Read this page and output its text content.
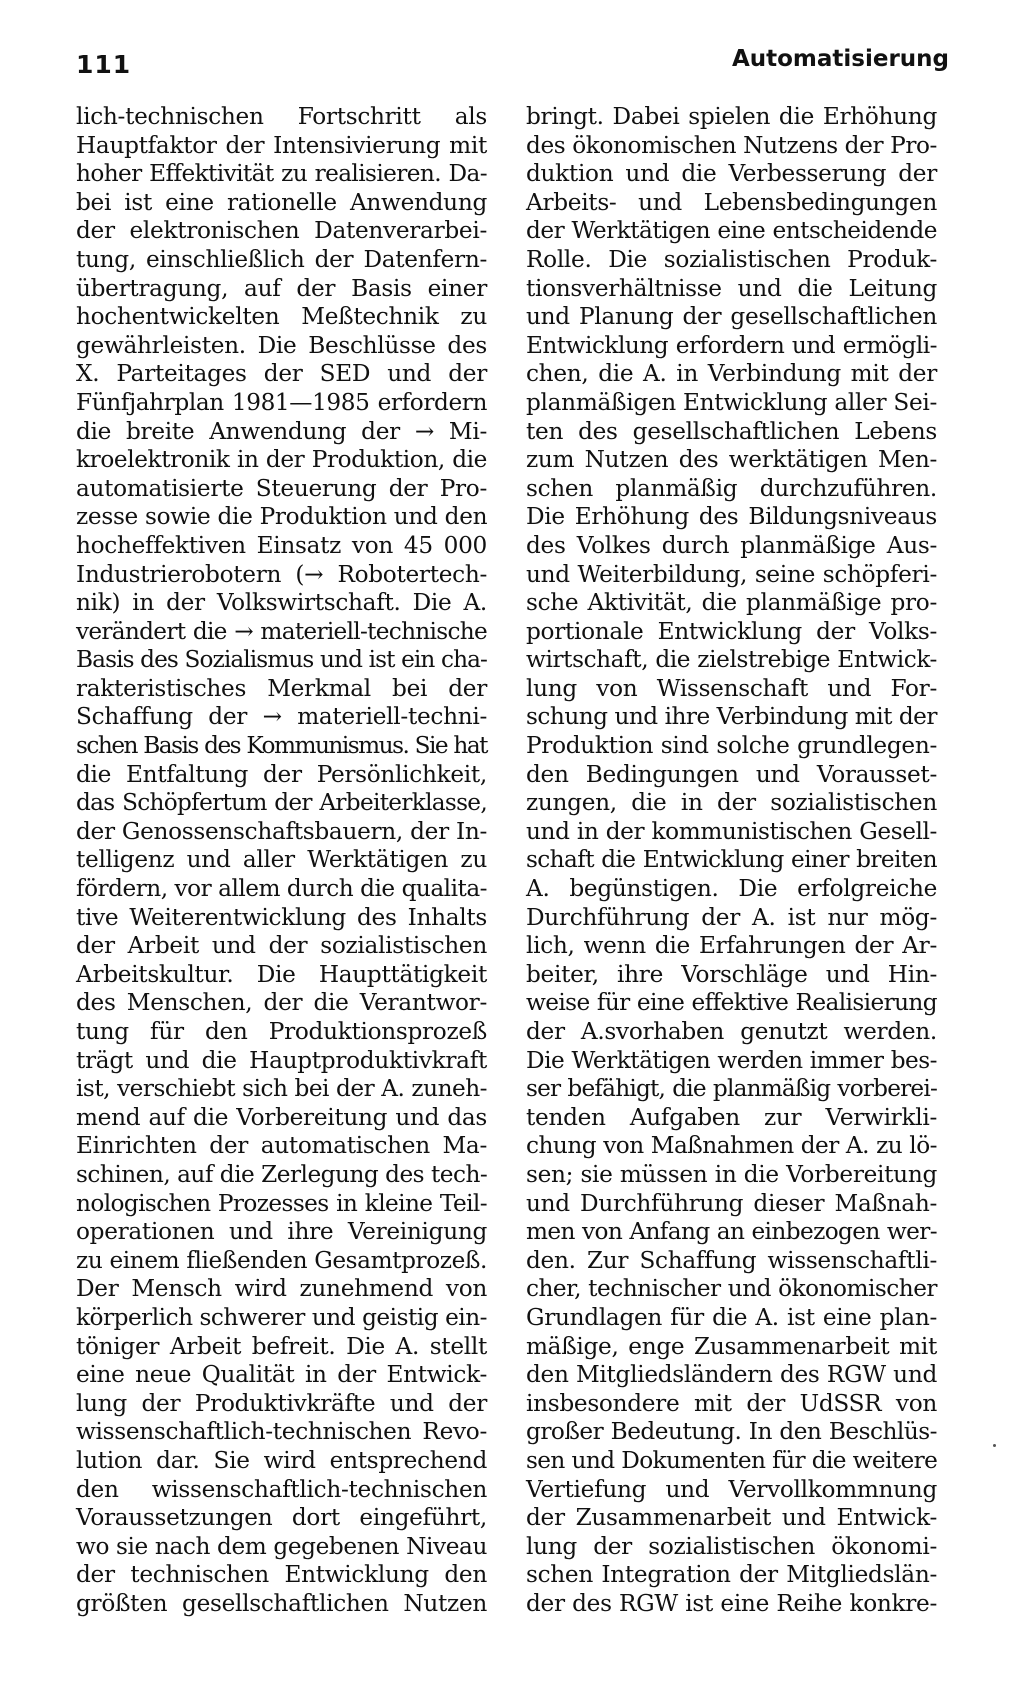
111	Automatisierung
lich-technischen Fortschritt als
Hauptfaktor der Intensivierung mit
hoher Effektivität zu realisieren. Da-
bei ist eine rationelle Anwendung
der elektronischen Datenverarbei-
tung, einschließlich der Datenfern-
übertragung, auf der Basis einer
hochentwickelten Meßtechnik zu
gewährleisten. Die Beschlüsse des
X. Parteitages der SED und der
Fünfjahrplan 1981—1985 erfordern
die breite Anwendung der → Mi-
kroelektronik in der Produktion, die
automatisierte Steuerung der Pro-
zesse sowie die Produktion und den
hocheffektiven Einsatz von 45 000
Industrierobotern (→ Robotertech-
nik) in der Volkswirtschaft. Die A.
verändert die → materiell-technische
Basis des Sozialismus und ist ein cha-
rakteristisches Merkmal bei der
Schaffung der → materiell-techni-
schen Basis des Kommunismus. Sie hat
die Entfaltung der Persönlichkeit,
das Schöpfertum der Arbeiterklasse,
der Genossenschaftsbauern, der In-
telligenz und aller Werktätigen zu
fördern, vor allem durch die qualita-
tive Weiterentwicklung des Inhalts
der Arbeit und der sozialistischen
Arbeitskultur. Die Haupttätigkeit
des Menschen, der die Verantwor-
tung für den Produktionsprozeß
trägt und die Hauptproduktivkraft
ist, verschiebt sich bei der A. zuneh-
mend auf die Vorbereitung und das
Einrichten der automatischen Ma-
schinen, auf die Zerlegung des tech-
nologischen Prozesses in kleine Teil-
operationen und ihre Vereinigung
zu einem fließenden Gesamtprozeß.
Der Mensch wird zunehmend von
körperlich schwerer und geistig ein-
töniger Arbeit befreit. Die A. stellt
eine neue Qualität in der Entwick-
lung der Produktivkräfte und der
wissenschaftlich-technischen Revo-
lution dar. Sie wird entsprechend
den wissenschaftlich-technischen
Voraussetzungen dort eingeführt,
wo sie nach dem gegebenen Niveau
der technischen Entwicklung den
größten gesellschaftlichen Nutzen
bringt. Dabei spielen die Erhöhung
des ökonomischen Nutzens der Pro-
duktion und die Verbesserung der
Arbeits- und Lebensbedingungen
der Werktätigen eine entscheidende
Rolle. Die sozialistischen Produk-
tionsverhältnisse und die Leitung
und Planung der gesellschaftlichen
Entwicklung erfordern und ermögli-
chen, die A. in Verbindung mit der
planmäßigen Entwicklung aller Sei-
ten des gesellschaftlichen Lebens
zum Nutzen des werktätigen Men-
schen planmäßig durchzuführen.
Die Erhöhung des Bildungsniveaus
des Volkes durch planmäßige Aus-
und Weiterbildung, seine schöpferi-
sche Aktivität, die planmäßige pro-
portionale Entwicklung der Volks-
wirtschaft, die zielstrebige Entwick-
lung von Wissenschaft und For-
schung und ihre Verbindung mit der
Produktion sind solche grundlegen-
den Bedingungen und Vorausset-
zungen, die in der sozialistischen
und in der kommunistischen Gesell-
schaft die Entwicklung einer breiten
A. begünstigen. Die erfolgreiche
Durchführung der A. ist nur mög-
lich, wenn die Erfahrungen der Ar-
beiter, ihre Vorschläge und Hin-
weise für eine effektive Realisierung
der A.svorhaben genutzt werden.
Die Werktätigen werden immer bes-
ser befähigt, die planmäßig vorberei-
tenden Aufgaben zur Verwirkli-
chung von Maßnahmen der A. zu lö-
sen; sie müssen in die Vorbereitung
und Durchführung dieser Maßnah-
men von Anfang an einbezogen wer-
den. Zur Schaffung wissenschaftli-
cher, technischer und ökonomischer
Grundlagen für die A. ist eine plan-
mäßige, enge Zusammenarbeit mit
den Mitgliedsländern des RGW und
insbesondere mit der UdSSR von
großer Bedeutung. In den Beschlüs-
sen und Dokumenten für die weitere
Vertiefung und Vervollkommnung
der Zusammenarbeit und Entwick-
lung der sozialistischen ökonomi-
schen Integration der Mitgliedslän-
der des RGW ist eine Reihe konkre-
